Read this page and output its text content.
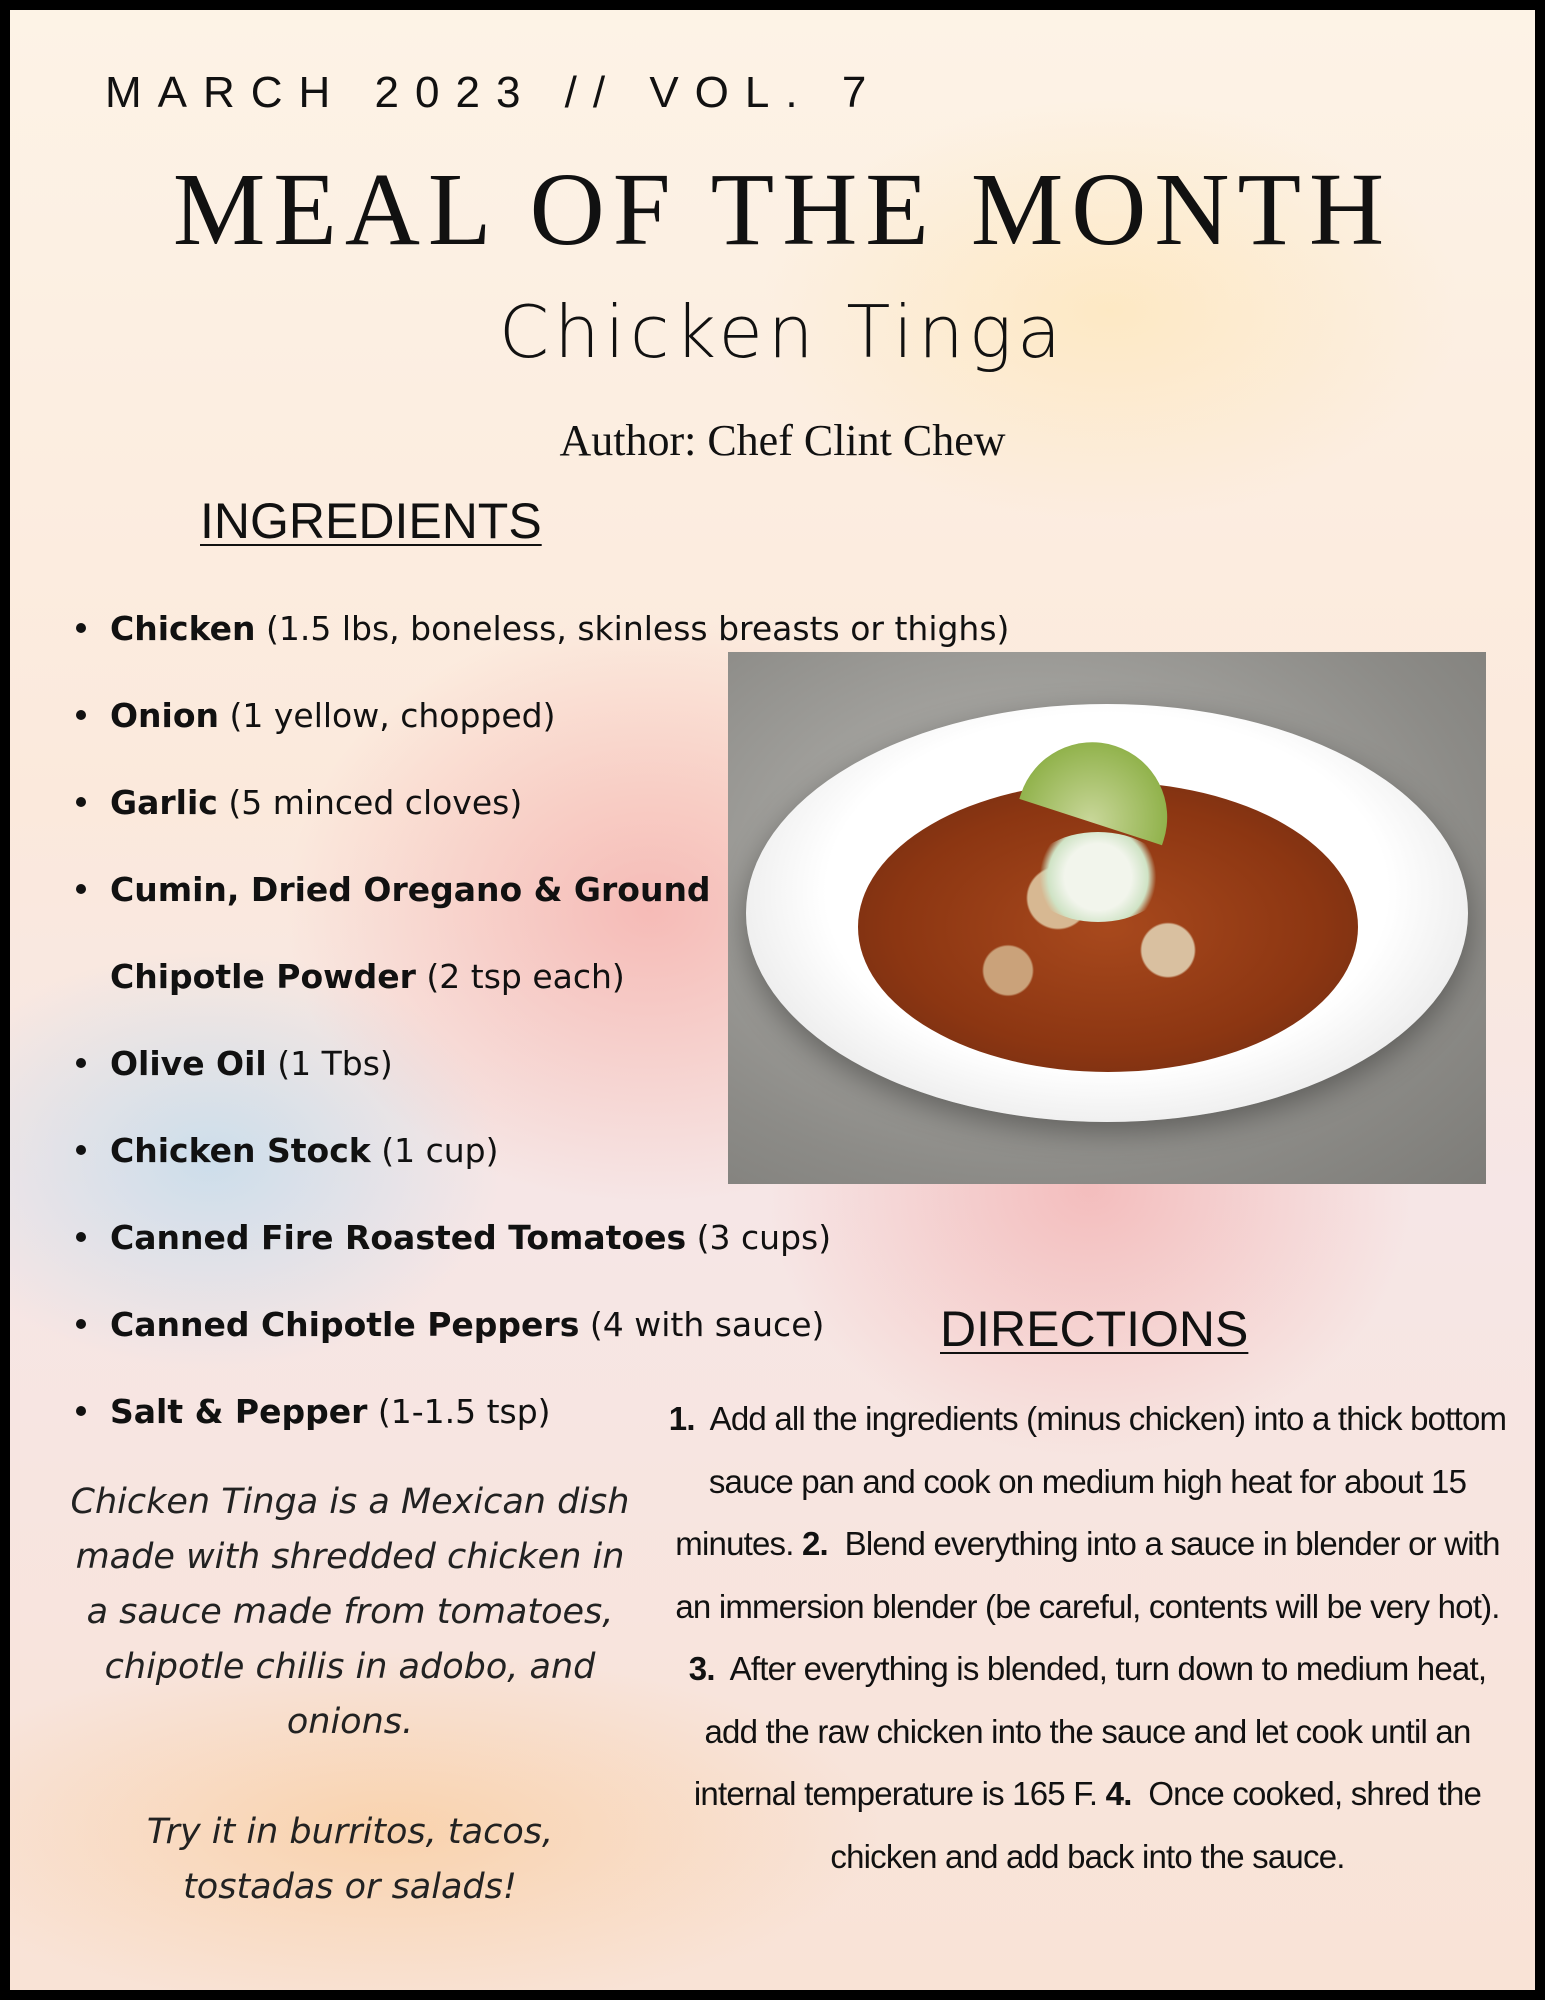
MARCH 2023 // VOL. 7
MEAL OF THE MONTH
Chicken Tinga
Author: Chef Clint Chew
INGREDIENTS
Chicken (1.5 lbs, boneless, skinless breasts or thighs)
Onion (1 yellow, chopped)
Garlic (5 minced cloves)
Cumin, Dried Oregano & Ground Chipotle Powder (2 tsp each)
Olive Oil (1 Tbs)
Chicken Stock (1 cup)
Canned Fire Roasted Tomatoes (3 cups)
Canned Chipotle Peppers (4 with sauce)
Salt & Pepper (1-1.5 tsp)

Chicken Tinga is a Mexican dish made with shredded chicken in a sauce made from tomatoes, chipotle chilis in adobo, and onions.

Try it in burritos, tacos, tostadas or salads!

DIRECTIONS
1. Add all the ingredients (minus chicken) into a thick bottom sauce pan and cook on medium high heat for about 15 minutes. 2. Blend everything into a sauce in blender or with an immersion blender (be careful, contents will be very hot). 3. After everything is blended, turn down to medium heat, add the raw chicken into the sauce and let cook until an internal temperature is 165 F. 4. Once cooked, shred the chicken and add back into the sauce.
